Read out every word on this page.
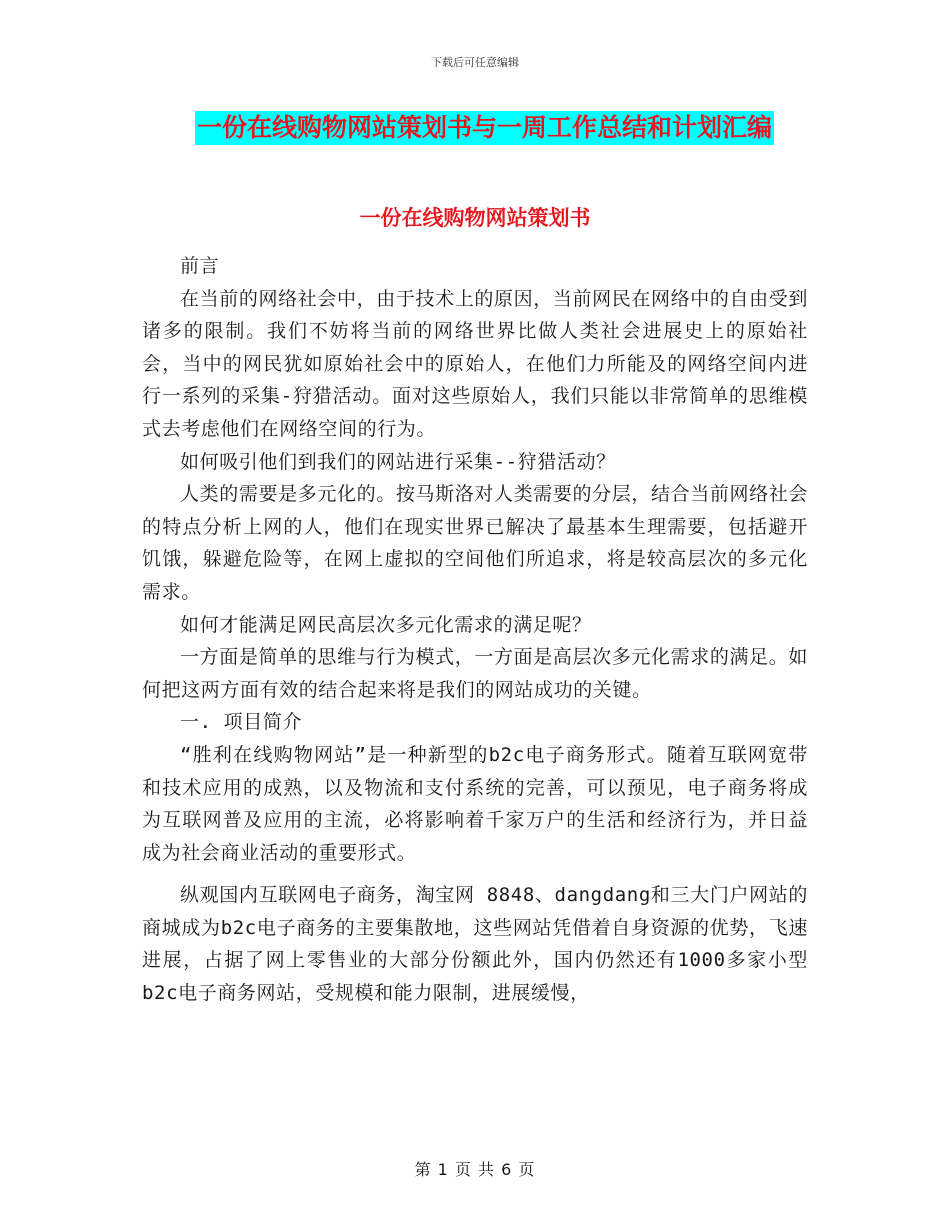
下载后可任意编辑
一份在线购物网站策划书与一周工作总结和计划汇编
一份在线购物网站策划书

前言

在当前的网络社会中，由于技术上的原因，当前网民在网络中的自由受到诸多的限制。我们不妨将当前的网络世界比做人类社会进展史上的原始社会，当中的网民犹如原始社会中的原始人，在他们力所能及的网络空间内进行一系列的采集-狩猎活动。面对这些原始人，我们只能以非常简单的思维模式去考虑他们在网络空间的行为。

如何吸引他们到我们的网站进行采集--狩猎活动？

人类的需要是多元化的。按马斯洛对人类需要的分层，结合当前网络社会的特点分析上网的人，他们在现实世界已解决了最基本生理需要，包括避开饥饿，躲避危险等，在网上虚拟的空间他们所追求，将是较高层次的多元化需求。

如何才能满足网民高层次多元化需求的满足呢？

一方面是简单的思维与行为模式，一方面是高层次多元化需求的满足。如何把这两方面有效的结合起来将是我们的网站成功的关键。

一. 项目简介

“胜利在线购物网站”是一种新型的b2c电子商务形式。随着互联网宽带和技术应用的成熟，以及物流和支付系统的完善，可以预见，电子商务将成为互联网普及应用的主流，必将影响着千家万户的生活和经济行为，并日益成为社会商业活动的重要形式。

纵观国内互联网电子商务，淘宝网 8848、dangdang和三大门户网站的商城成为b2c电子商务的主要集散地，这些网站凭借着自身资源的优势，飞速进展，占据了网上零售业的大部分份额此外，国内仍然还有1000多家小型b2c电子商务网站，受规模和能力限制，进展缓慢，

第 1 页 共 6 页
